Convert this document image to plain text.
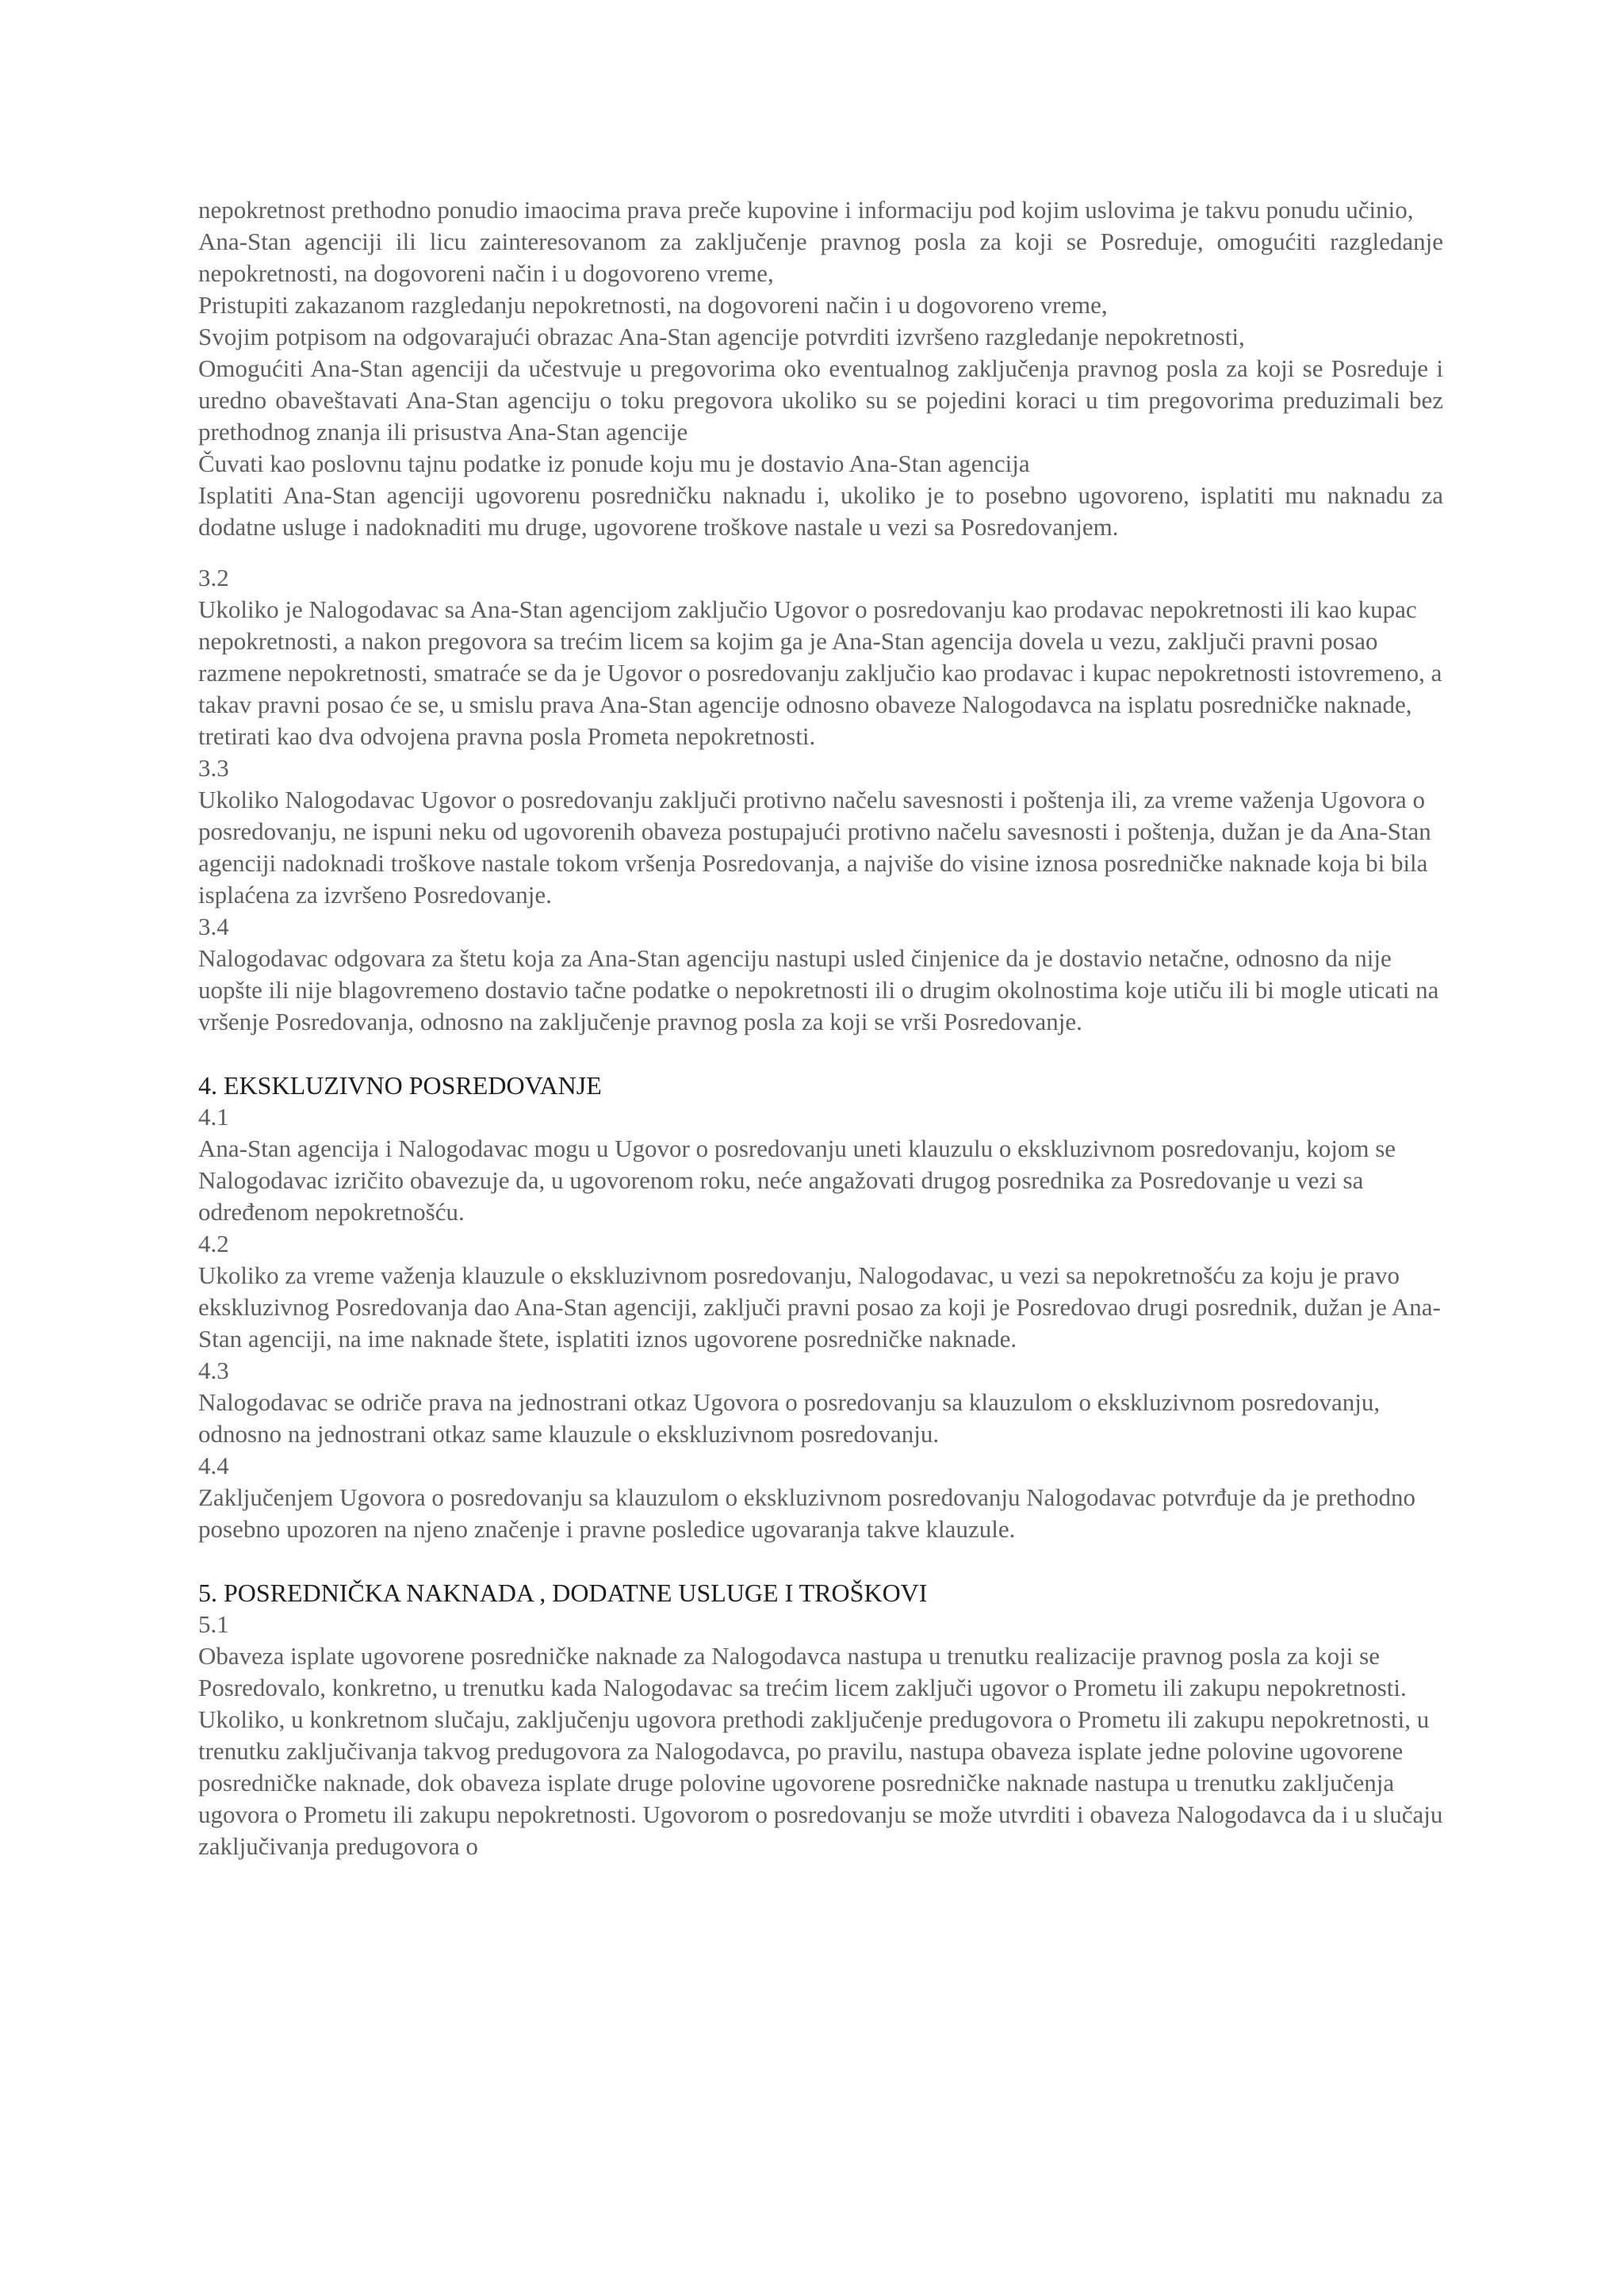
nepokretnost prethodno ponudio imaocima prava preče kupovine i informaciju pod kojim uslovima je takvu ponudu učinio,

Ana-Stan agenciji ili licu zainteresovanom za zaključenje pravnog posla za koji se Posreduje, omogućiti razgledanje nepokretnosti, na dogovoreni način i u dogovoreno vreme,

Pristupiti zakazanom razgledanju nepokretnosti, na dogovoreni način i u dogovoreno vreme,

Svojim potpisom na odgovarajući obrazac Ana-Stan agencije potvrditi izvršeno razgledanje nepokretnosti,

Omogućiti Ana-Stan agenciji da učestvuje u pregovorima oko eventualnog zaključenja pravnog posla za koji se Posreduje i uredno obaveštavati Ana-Stan agenciju o toku pregovora ukoliko su se pojedini koraci u tim pregovorima preduzimali bez prethodnog znanja ili prisustva Ana-Stan agencije

Čuvati kao poslovnu tajnu podatke iz ponude koju mu je dostavio Ana-Stan agencija

Isplatiti Ana-Stan agenciji ugovorenu posredničku naknadu i, ukoliko je to posebno ugovoreno, isplatiti mu naknadu za dodatne usluge i nadoknaditi mu druge, ugovorene troškove nastale u vezi sa Posredovanjem.

3.2

Ukoliko je Nalogodavac sa Ana-Stan agencijom zaključio Ugovor o posredovanju kao prodavac nepokretnosti ili kao kupac nepokretnosti, a nakon pregovora sa trećim licem sa kojim ga je Ana-Stan agencija dovela u vezu, zaključi pravni posao razmene nepokretnosti, smatraće se da je Ugovor o posredovanju zaključio kao prodavac i kupac nepokretnosti istovremeno, a takav pravni posao će se, u smislu prava Ana-Stan agencije odnosno obaveze Nalogodavca na isplatu posredničke naknade, tretirati kao dva odvojena pravna posla Prometa nepokretnosti.

3.3

Ukoliko Nalogodavac Ugovor o posredovanju zaključi protivno načelu savesnosti i poštenja ili, za vreme važenja Ugovora o posredovanju, ne ispuni neku od ugovorenih obaveza postupajući protivno načelu savesnosti i poštenja, dužan je da Ana-Stan agenciji nadoknadi troškove nastale tokom vršenja Posredovanja, a najviše do visine iznosa posredničke naknade koja bi bila isplaćena za izvršeno Posredovanje.

3.4

Nalogodavac odgovara za štetu koja za Ana-Stan agenciju nastupi usled činjenice da je dostavio netačne, odnosno da nije uopšte ili nije blagovremeno dostavio tačne podatke o nepokretnosti ili o drugim okolnostima koje utiču ili bi mogle uticati na vršenje Posredovanja, odnosno na zaključenje pravnog posla za koji se vrši Posredovanje.

4. EKSKLUZIVNO POSREDOVANJE

4.1

Ana-Stan agencija i Nalogodavac mogu u Ugovor o posredovanju uneti klauzulu o ekskluzivnom posredovanju, kojom se Nalogodavac izričito obavezuje da, u ugovorenom roku, neće angažovati drugog posrednika za Posredovanje u vezi sa određenom nepokretnošću.

4.2

Ukoliko za vreme važenja klauzule o ekskluzivnom posredovanju, Nalogodavac, u vezi sa nepokretnošću za koju je pravo ekskluzivnog Posredovanja dao Ana-Stan agenciji, zaključi pravni posao za koji je Posredovao drugi posrednik, dužan je Ana-Stan agenciji, na ime naknade štete, isplatiti iznos ugovorene posredničke naknade.

4.3

Nalogodavac se odriče prava na jednostrani otkaz Ugovora o posredovanju sa klauzulom o ekskluzivnom posredovanju, odnosno na jednostrani otkaz same klauzule o ekskluzivnom posredovanju.

4.4

Zaključenjem Ugovora o posredovanju sa klauzulom o ekskluzivnom posredovanju Nalogodavac potvrđuje da je prethodno posebno upozoren na njeno značenje i pravne posledice ugovaranja takve klauzule.

5. POSREDNIČKA NAKNADA , DODATNE USLUGE I TROŠKOVI

5.1

Obaveza isplate ugovorene posredničke naknade za Nalogodavca nastupa u trenutku realizacije pravnog posla za koji se Posredovalo, konkretno, u trenutku kada Nalogodavac sa trećim licem zaključi ugovor o Prometu ili zakupu nepokretnosti. Ukoliko, u konkretnom slučaju, zaključenju ugovora prethodi zaključenje predugovora o Prometu ili zakupu nepokretnosti, u trenutku zaključivanja takvog predugovora za Nalogodavca, po pravilu, nastupa obaveza isplate jedne polovine ugovorene posredničke naknade, dok obaveza isplate druge polovine ugovorene posredničke naknade nastupa u trenutku zaključenja ugovora o Prometu ili zakupu nepokretnosti. Ugovorom o posredovanju se može utvrditi i obaveza Nalogodavca da i u slučaju zaključivanja predugovora o
